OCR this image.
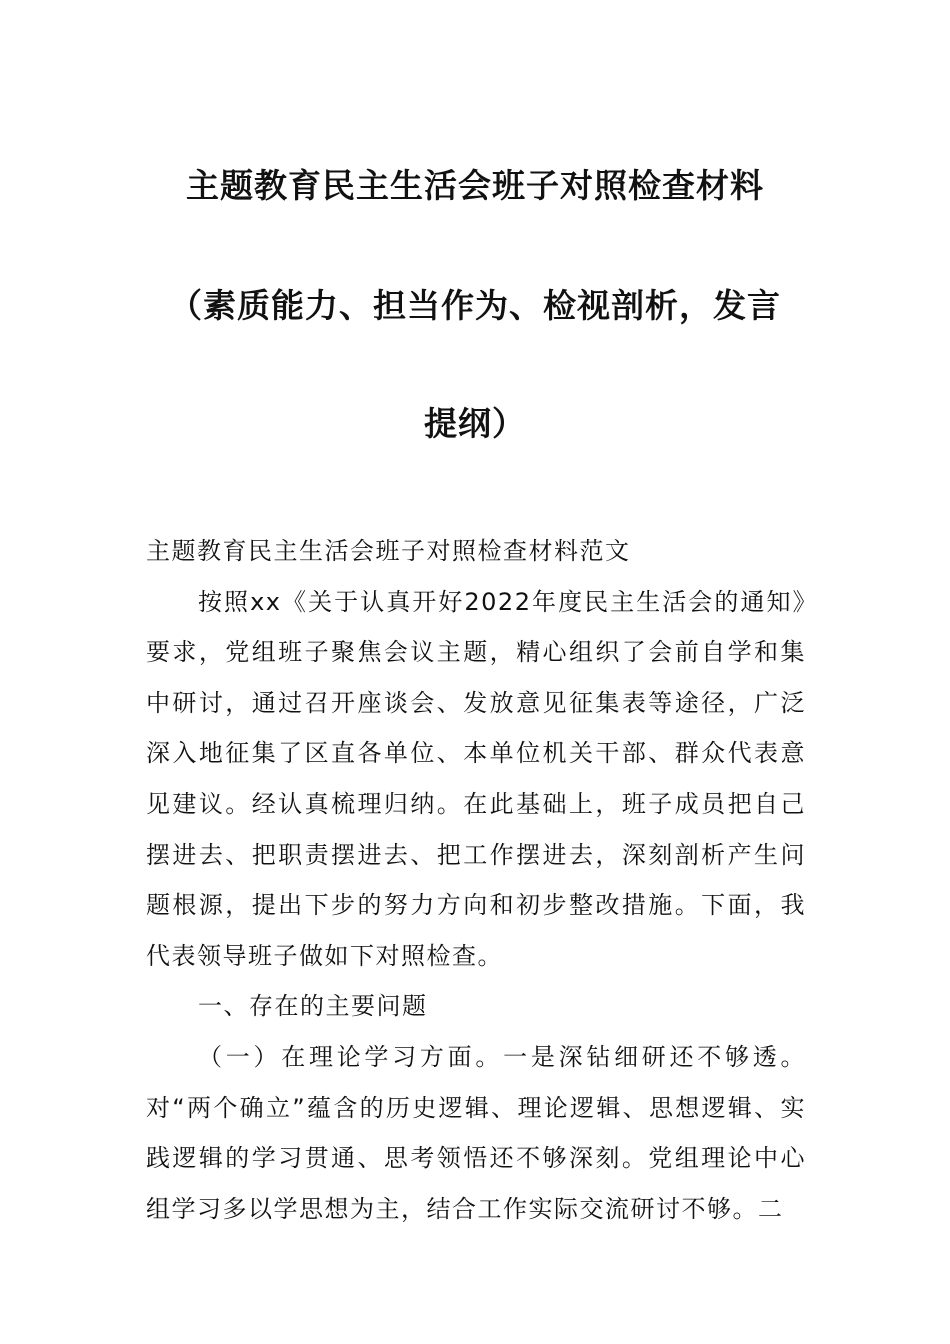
主题教育民主生活会班子对照检查材料
（素质能力、担当作为、检视剖析，发言
提纲）

主题教育民主生活会班子对照检查材料范文

按照xx《关于认真开好2022年度民主生活会的通知》要求，党组班子聚焦会议主题，精心组织了会前自学和集中研讨，通过召开座谈会、发放意见征集表等途径，广泛深入地征集了区直各单位、本单位机关干部、群众代表意见建议。经认真梳理归纳。在此基础上，班子成员把自己摆进去、把职责摆进去、把工作摆进去，深刻剖析产生问题根源，提出下步的努力方向和初步整改措施。下面，我代表领导班子做如下对照检查。

一、存在的主要问题

（一）在理论学习方面。一是深钻细研还不够透。对“两个确立”蕴含的历史逻辑、理论逻辑、思想逻辑、实践逻辑的学习贯通、思考领悟还不够深刻。党组理论中心组学习多以学思想为主，结合工作实际交流研讨不够。二
